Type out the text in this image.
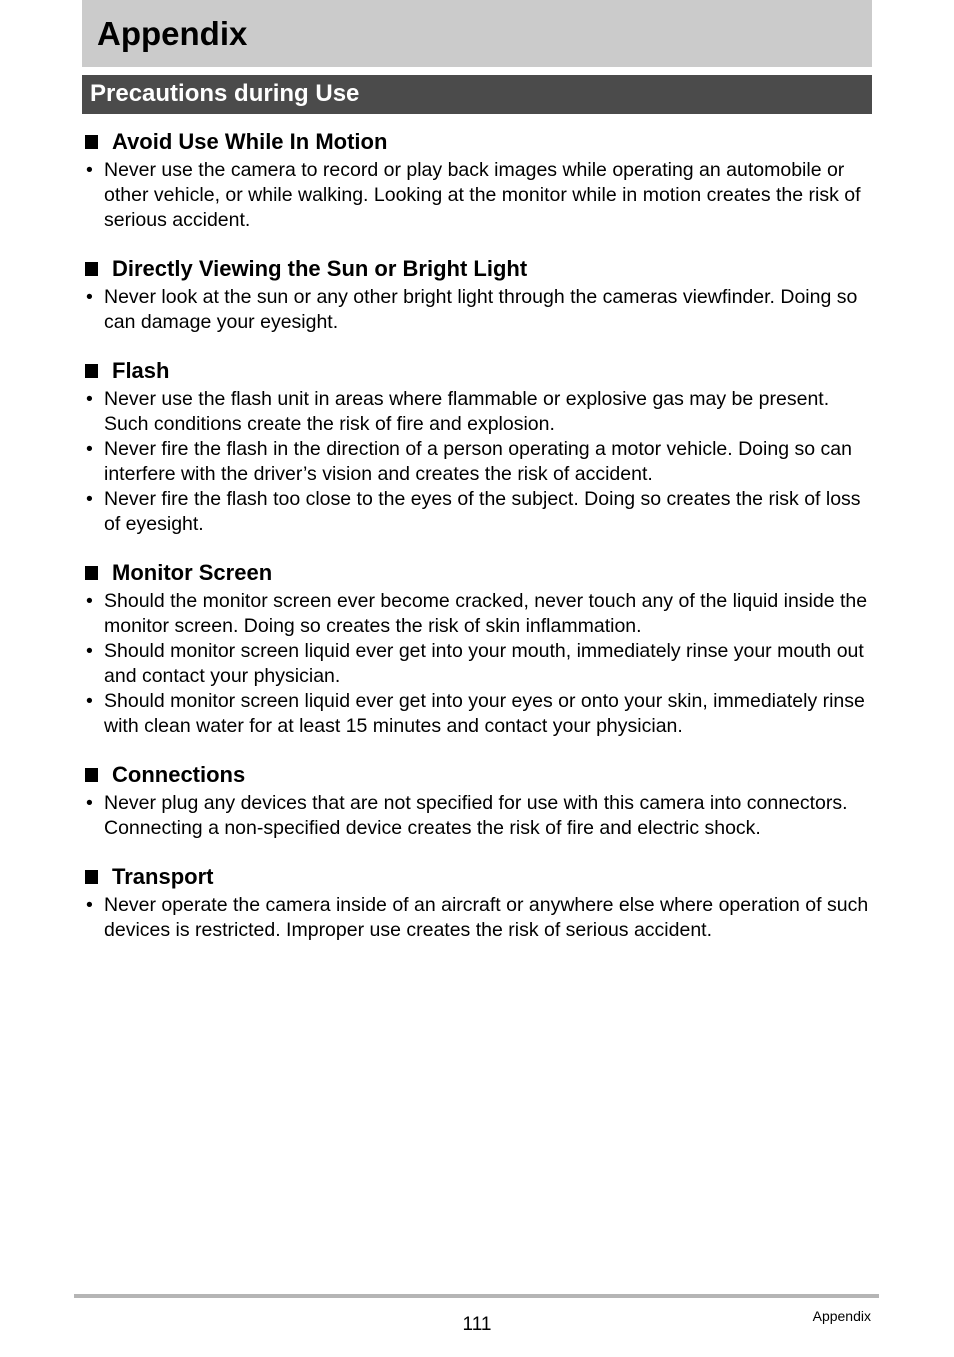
Appendix
Precautions during Use
Avoid Use While In Motion
• Never use the camera to record or play back images while operating an automobile or other vehicle, or while walking. Looking at the monitor while in motion creates the risk of serious accident.
Directly Viewing the Sun or Bright Light
• Never look at the sun or any other bright light through the cameras viewfinder. Doing so can damage your eyesight.
Flash
• Never use the flash unit in areas where flammable or explosive gas may be present. Such conditions create the risk of fire and explosion.
• Never fire the flash in the direction of a person operating a motor vehicle. Doing so can interfere with the driver’s vision and creates the risk of accident.
• Never fire the flash too close to the eyes of the subject. Doing so creates the risk of loss of eyesight.
Monitor Screen
• Should the monitor screen ever become cracked, never touch any of the liquid inside the monitor screen. Doing so creates the risk of skin inflammation.
• Should monitor screen liquid ever get into your mouth, immediately rinse your mouth out and contact your physician.
• Should monitor screen liquid ever get into your eyes or onto your skin, immediately rinse with clean water for at least 15 minutes and contact your physician.
Connections
• Never plug any devices that are not specified for use with this camera into connectors. Connecting a non-specified device creates the risk of fire and electric shock.
Transport
• Never operate the camera inside of an aircraft or anywhere else where operation of such devices is restricted. Improper use creates the risk of serious accident.
111	Appendix
